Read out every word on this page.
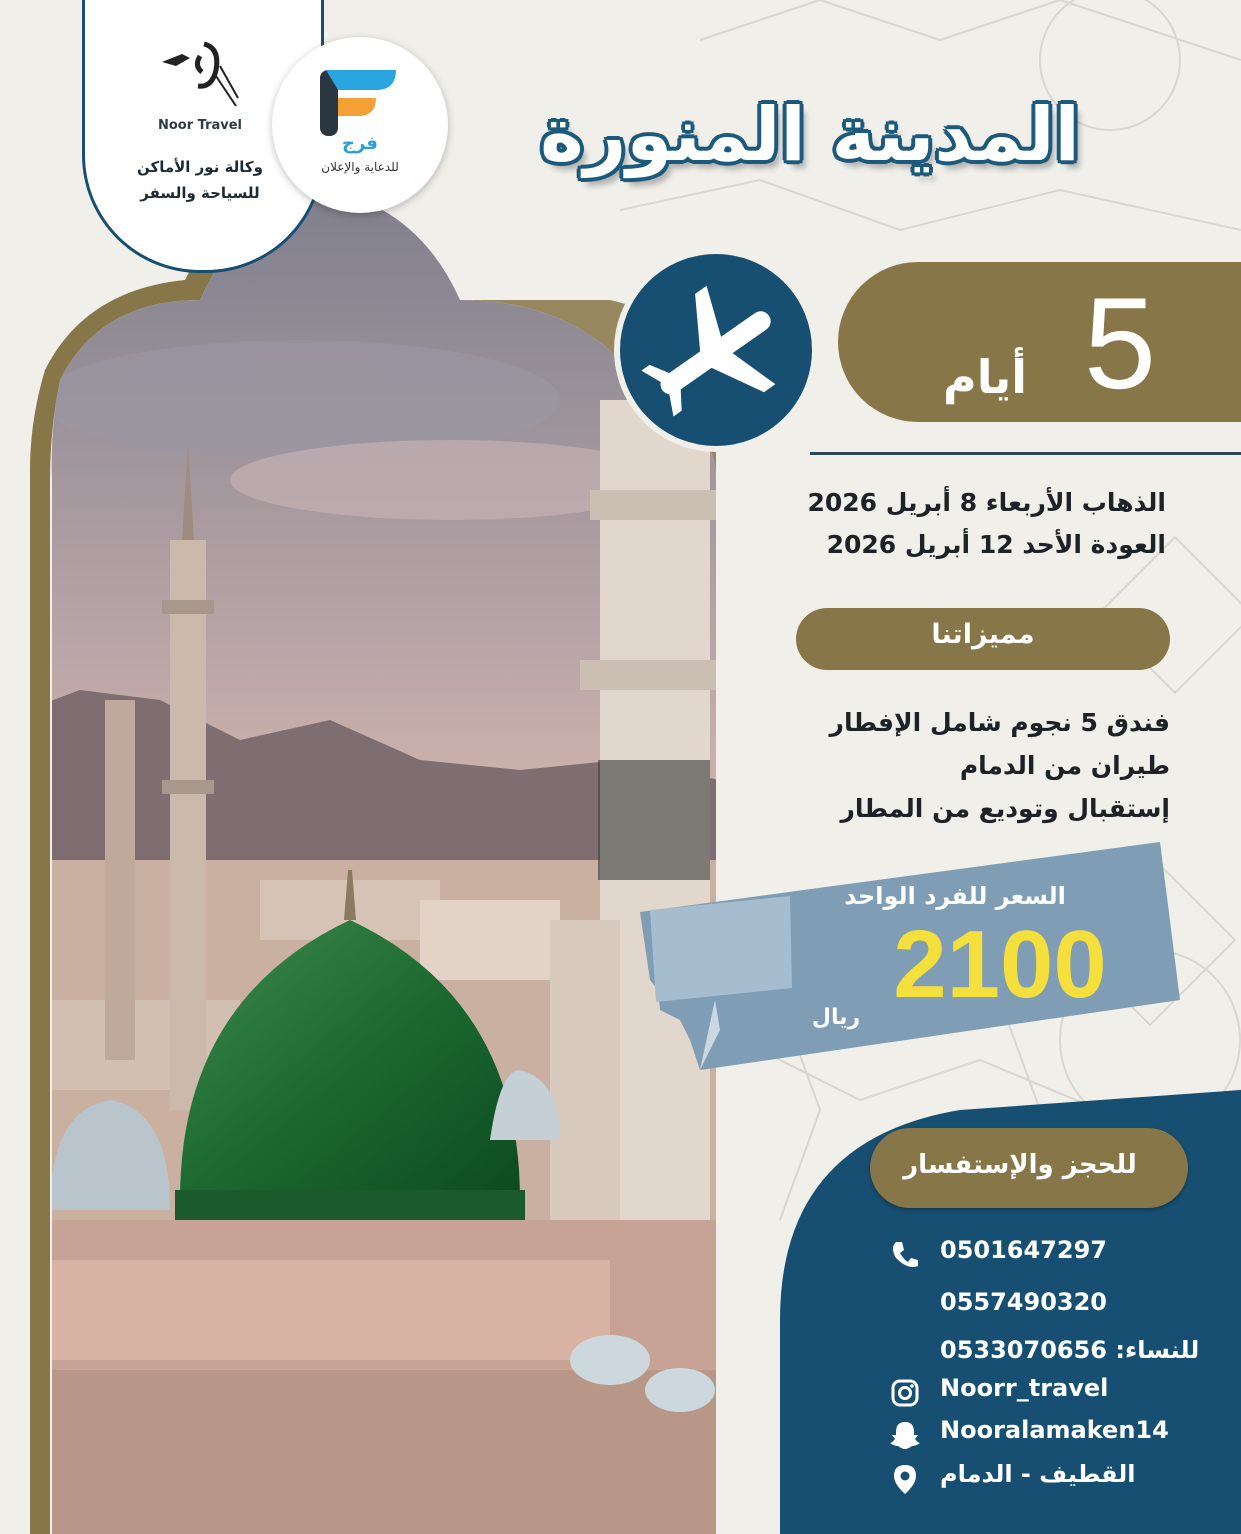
Noor Travel
وكالة نور الأماكن
للسياحة والسفر
فرج
للدعاية والإعلان	المدينة المنورة
5
أيام
الذهاب الأربعاء 8 أبريل 2026
العودة الأحد 12 أبريل 2026
مميزاتنا
فندق 5 نجوم شامل الإفطار
طيران من الدمام
إستقبال وتوديع من المطار
السعر للفرد الواحد
2100
ريال
للحجز والإستفسار
0501647297
0557490320
للنساء: 0533070656
Noorr_travel
Nooralamaken14
القطيف - الدمام
